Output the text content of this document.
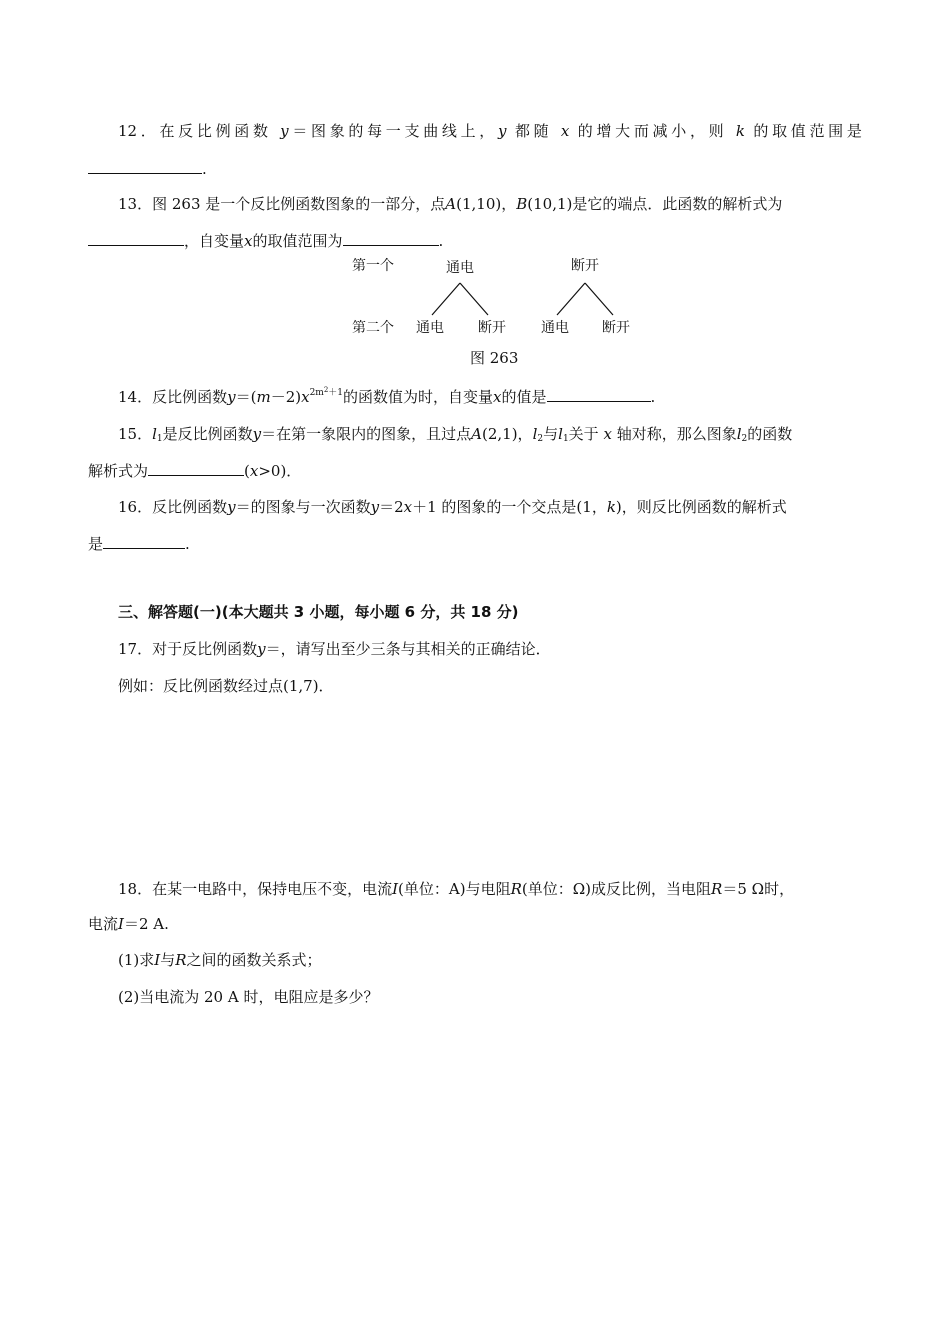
12．在反比例函数 y＝图象的每一支曲线上，y 都随 x 的增大而减小，则 k 的取值范围是
.
13．图 263 是一个反比例函数图象的一部分，点A(1,10)，B(10,1)是它的端点．此函数的解析式为
，自变量x的取值范围为	.
第一个	通电	断开
第二个 通电 断开	通电 断开
图 263
14．反比例函数$y=(m-2)x^{2m^2+1}$的函数值为时，自变量x的值是	.
15．$l_1$是反比例函数y＝在第一象限内的图象，且过点A(2,1)，$l_2$与$l_1$关于 x 轴对称，那么图象$l_2$的函数
解析式为	(x>0)．
16．反比例函数y＝的图象与一次函数y＝2x＋1 的图象的一个交点是(1，k)，则反比例函数的解析式
是	.
三、解答题(一)(本大题共 3 小题，每小题 6 分，共 18 分)
17．对于反比例函数y＝，请写出至少三条与其相关的正确结论．
例如：反比例函数经过点(1,7)．
18．在某一电路中，保持电压不变，电流I(单位：A)与电阻R(单位：Ω)成反比例，当电阻R＝5 Ω时，
电流I＝2 A.
(1)求I与R之间的函数关系式；
(2)当电流为 20 A 时，电阻应是多少？
